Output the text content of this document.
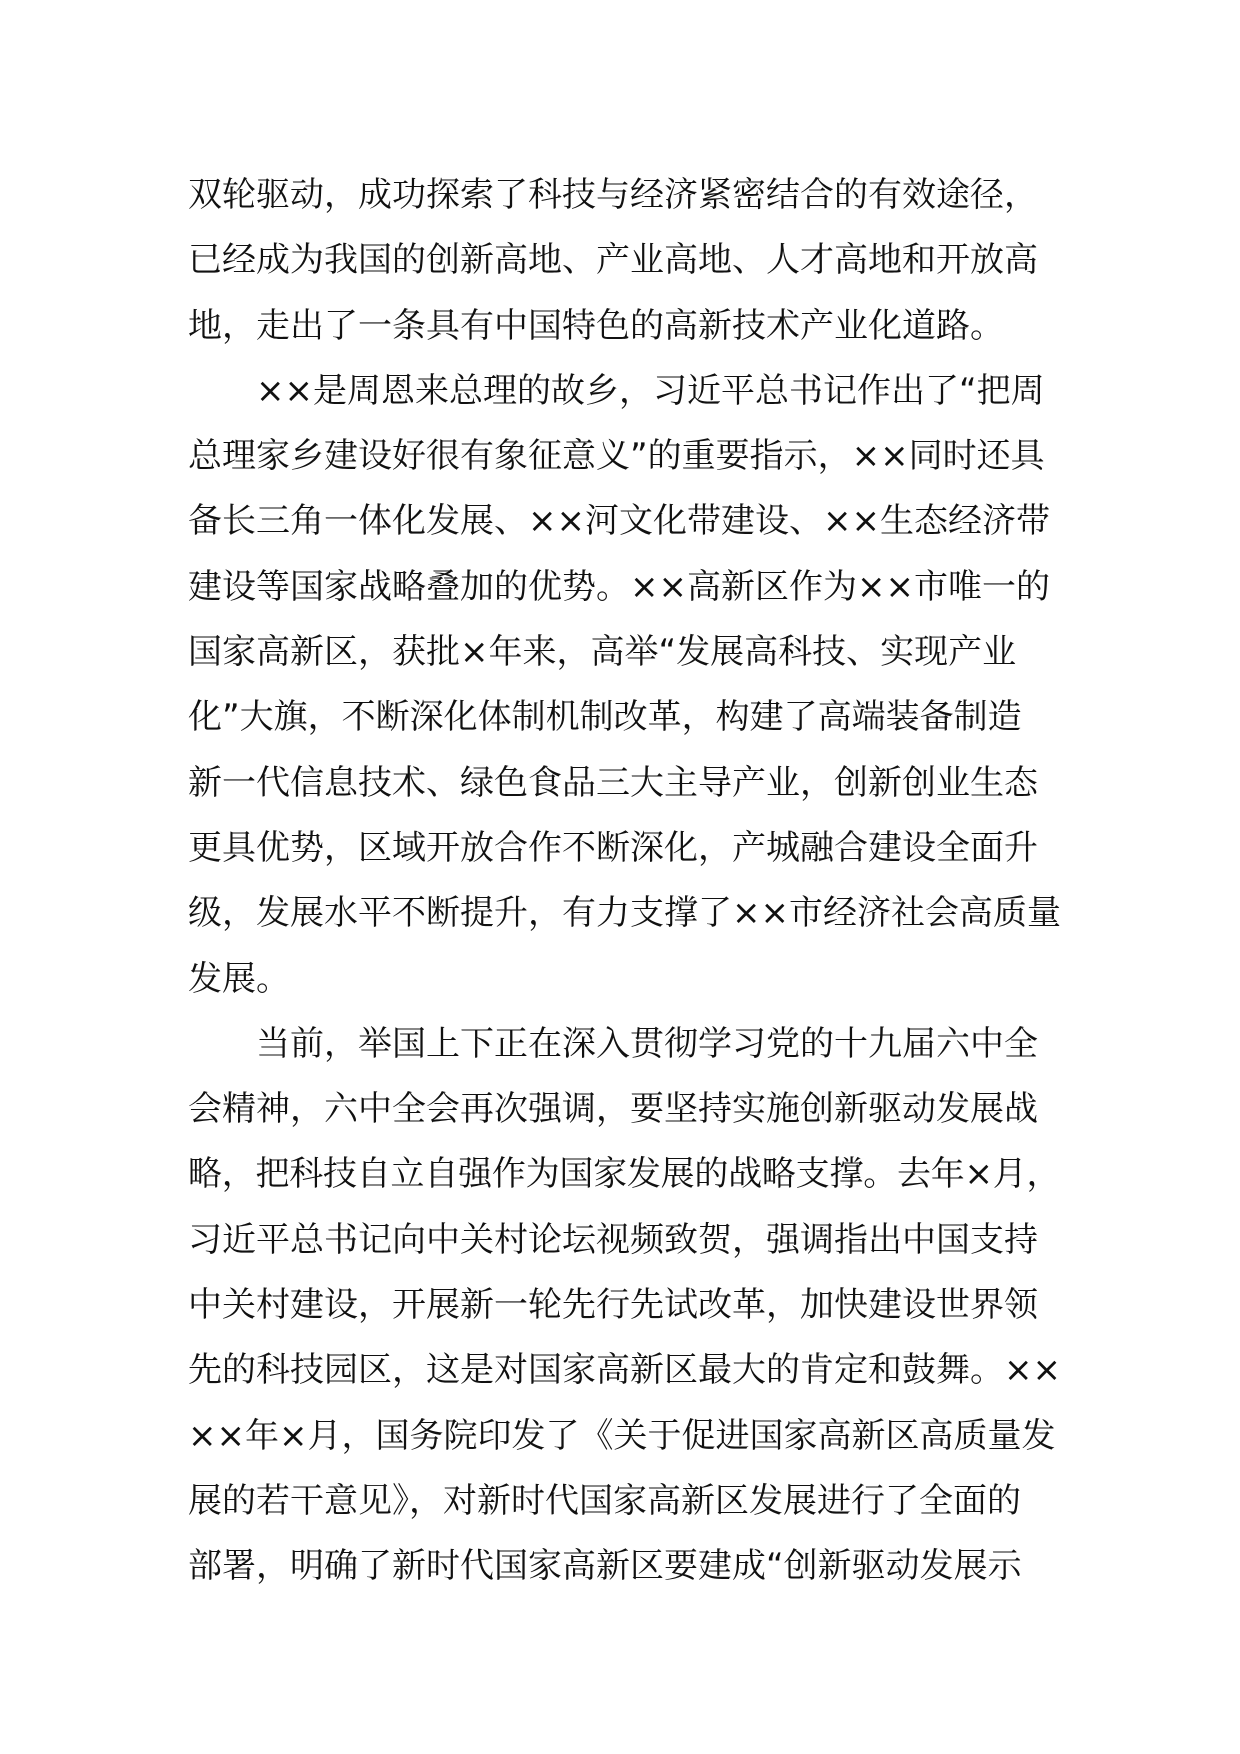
双轮驱动，成功探索了科技与经济紧密结合的有效途径，
已经成为我国的创新高地、产业高地、人才高地和开放高
地，走出了一条具有中国特色的高新技术产业化道路。
××是周恩来总理的故乡，习近平总书记作出了“把周
总理家乡建设好很有象征意义”的重要指示，××同时还具
备长三角一体化发展、××河文化带建设、××生态经济带
建设等国家战略叠加的优势。××高新区作为××市唯一的
国家高新区，获批×年来，高举“发展高科技、实现产业
化”大旗，不断深化体制机制改革，构建了高端装备制造
新一代信息技术、绿色食品三大主导产业，创新创业生态
更具优势，区域开放合作不断深化，产城融合建设全面升
级，发展水平不断提升，有力支撑了××市经济社会高质量
发展。
当前，举国上下正在深入贯彻学习党的十九届六中全
会精神，六中全会再次强调，要坚持实施创新驱动发展战
略，把科技自立自强作为国家发展的战略支撑。去年×月，
习近平总书记向中关村论坛视频致贺，强调指出中国支持
中关村建设，开展新一轮先行先试改革，加快建设世界领
先的科技园区，这是对国家高新区最大的肯定和鼓舞。××
××年×月，国务院印发了《关于促进国家高新区高质量发
展的若干意见》，对新时代国家高新区发展进行了全面的
部署，明确了新时代国家高新区要建成“创新驱动发展示
